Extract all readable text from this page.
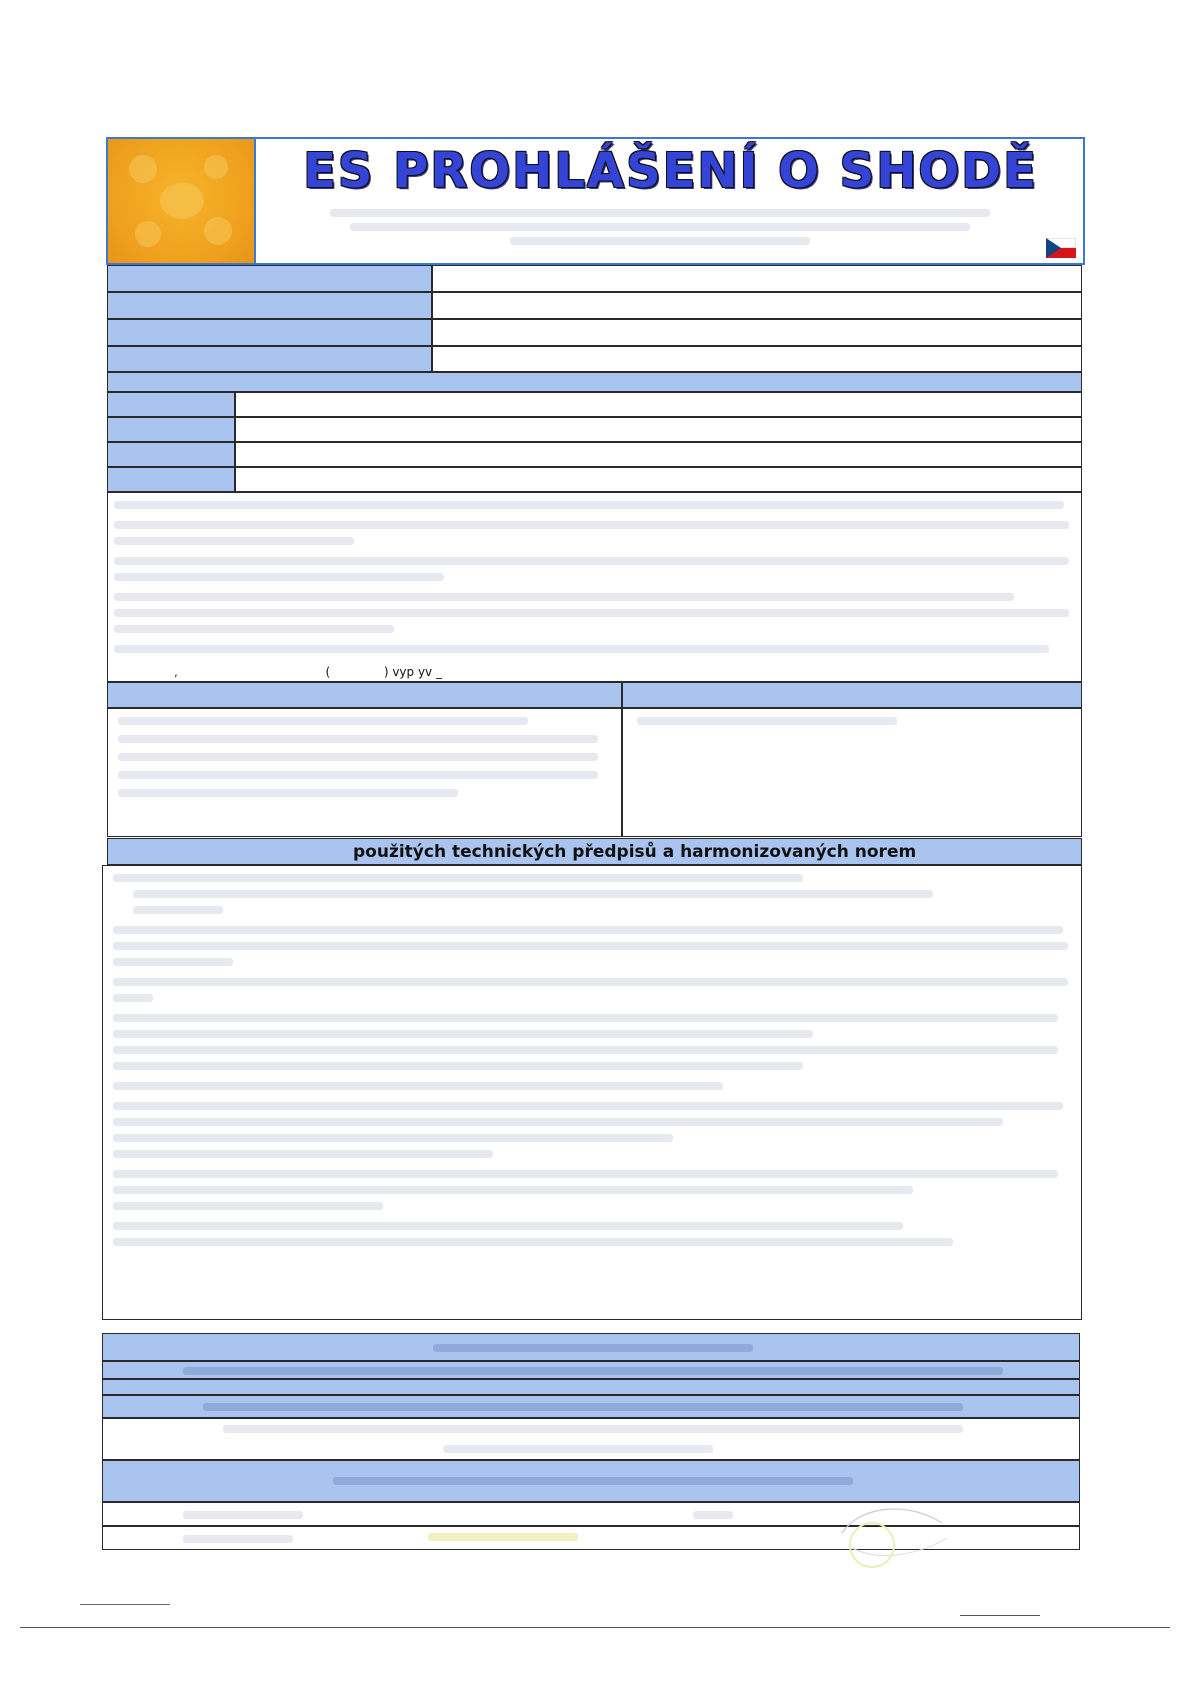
ES PROHLÁŠENÍ O SHODĚ
,	(	) vyp yv _
použitých technických předpisů a harmonizovaných norem
